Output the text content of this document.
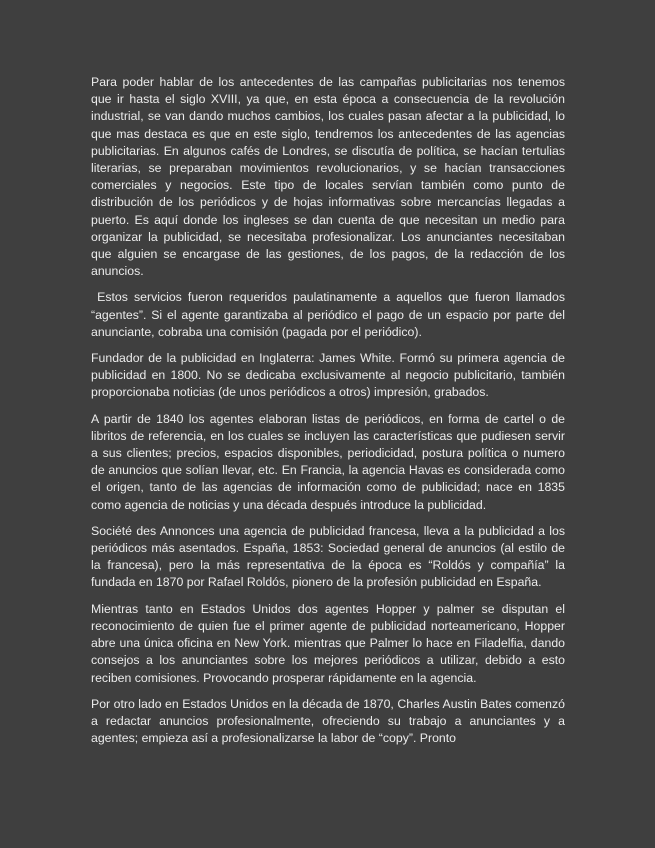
Para poder hablar de los antecedentes de las campañas publicitarias nos tenemos que ir hasta el siglo XVIII, ya que, en esta época a consecuencia de la revolución industrial, se van dando muchos cambios, los cuales pasan afectar a la publicidad, lo que mas destaca es que en este siglo, tendremos los antecedentes de las agencias publicitarias. En algunos cafés de Londres, se discutía de política, se hacían tertulias literarias, se preparaban movimientos revolucionarios, y se hacían transacciones comerciales y negocios. Este tipo de locales servían también como punto de distribución de los periódicos y de hojas informativas sobre mercancías llegadas a puerto. Es aquí donde los ingleses se dan cuenta de que necesitan un medio para organizar la publicidad, se necesitaba profesionalizar. Los anunciantes necesitaban que alguien se encargase de las gestiones, de los pagos, de la redacción de los anuncios.

Estos servicios fueron requeridos paulatinamente a aquellos que fueron llamados “agentes”. Si el agente garantizaba al periódico el pago de un espacio por parte del anunciante, cobraba una comisión (pagada por el periódico).

Fundador de la publicidad en Inglaterra: James White. Formó su primera agencia de publicidad en 1800. No se dedicaba exclusivamente al negocio publicitario, también proporcionaba noticias (de unos periódicos a otros) impresión, grabados.

A partir de 1840 los agentes elaboran listas de periódicos, en forma de cartel o de libritos de referencia, en los cuales se incluyen las características que pudiesen servir a sus clientes; precios, espacios disponibles, periodicidad, postura política o numero de anuncios que solían llevar, etc. En Francia, la agencia Havas es considerada como el origen, tanto de las agencias de información como de publicidad; nace en 1835 como agencia de noticias y una década después introduce la publicidad.

Société des Annonces una agencia de publicidad francesa, lleva a la publicidad a los periódicos más asentados. España, 1853: Sociedad general de anuncios (al estilo de la francesa), pero la más representativa de la época es “Roldós y compañía” la fundada en 1870 por Rafael Roldós, pionero de la profesión publicidad en España.

Mientras tanto en Estados Unidos dos agentes Hopper y palmer se disputan el reconocimiento de quien fue el primer agente de publicidad norteamericano, Hopper abre una única oficina en New York. mientras que Palmer lo hace en Filadelfia, dando consejos a los anunciantes sobre los mejores periódicos a utilizar, debido a esto reciben comisiones. Provocando prosperar rápidamente en la agencia.

Por otro lado en Estados Unidos en la década de 1870, Charles Austin Bates comenzó a redactar anuncios profesionalmente, ofreciendo su trabajo a anunciantes y a agentes; empieza así a profesionalizarse la labor de “copy”. Pronto
